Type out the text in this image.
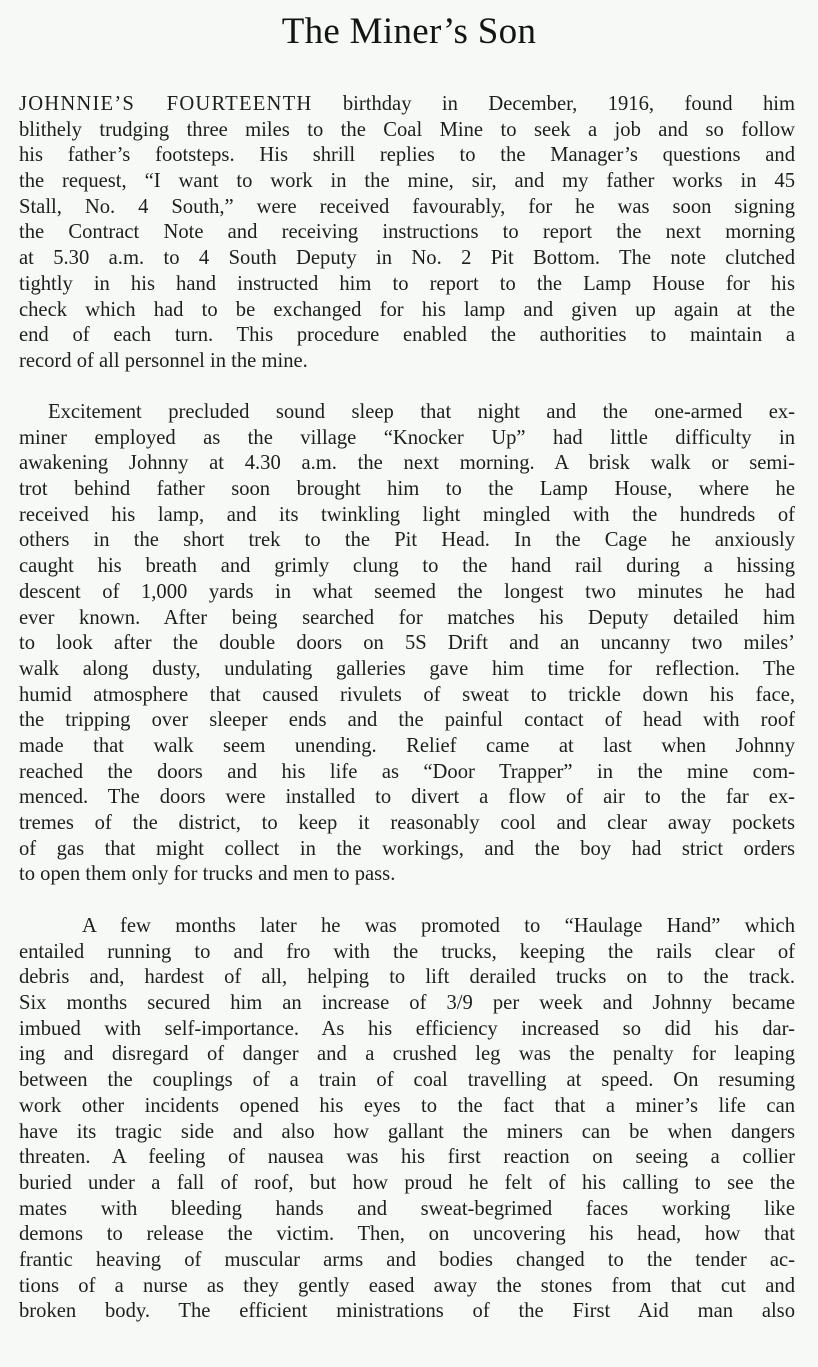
The Miner’s Son
JOHNNIE’S FOURTEENTH birthday in December, 1916, found him
blithely trudging three miles to the Coal Mine to seek a job and so follow
his father’s footsteps. His shrill replies to the Manager’s questions and
the request, “I want to work in the mine, sir, and my father works in 45
Stall, No. 4 South,” were received favourably, for he was soon signing
the Contract Note and receiving instructions to report the next morning
at 5.30 a.m. to 4 South Deputy in No. 2 Pit Bottom. The note clutched
tightly in his hand instructed him to report to the Lamp House for his
check which had to be exchanged for his lamp and given up again at the
end of each turn. This procedure enabled the authorities to maintain a
record of all personnel in the mine.
Excitement precluded sound sleep that night and the one-armed ex-
miner employed as the village “Knocker Up” had little difficulty in
awakening Johnny at 4.30 a.m. the next morning. A brisk walk or semi-
trot behind father soon brought him to the Lamp House, where he
received his lamp, and its twinkling light mingled with the hundreds of
others in the short trek to the Pit Head. In the Cage he anxiously
caught his breath and grimly clung to the hand rail during a hissing
descent of 1,000 yards in what seemed the longest two minutes he had
ever known. After being searched for matches his Deputy detailed him
to look after the double doors on 5S Drift and an uncanny two miles’
walk along dusty, undulating galleries gave him time for reflection. The
humid atmosphere that caused rivulets of sweat to trickle down his face,
the tripping over sleeper ends and the painful contact of head with roof
made that walk seem unending. Relief came at last when Johnny
reached the doors and his life as “Door Trapper” in the mine com-
menced. The doors were installed to divert a flow of air to the far ex-
tremes of the district, to keep it reasonably cool and clear away pockets
of gas that might collect in the workings, and the boy had strict orders
to open them only for trucks and men to pass.
A few months later he was promoted to “Haulage Hand” which
entailed running to and fro with the trucks, keeping the rails clear of
debris and, hardest of all, helping to lift derailed trucks on to the track.
Six months secured him an increase of 3/9 per week and Johnny became
imbued with self-importance. As his efficiency increased so did his dar-
ing and disregard of danger and a crushed leg was the penalty for leaping
between the couplings of a train of coal travelling at speed. On resuming
work other incidents opened his eyes to the fact that a miner’s life can
have its tragic side and also how gallant the miners can be when dangers
threaten. A feeling of nausea was his first reaction on seeing a collier
buried under a fall of roof, but how proud he felt of his calling to see the
mates with bleeding hands and sweat-begrimed faces working like
demons to release the victim. Then, on uncovering his head, how that
frantic heaving of muscular arms and bodies changed to the tender ac-
tions of a nurse as they gently eased away the stones from that cut and
broken body. The efficient ministrations of the First Aid man also
